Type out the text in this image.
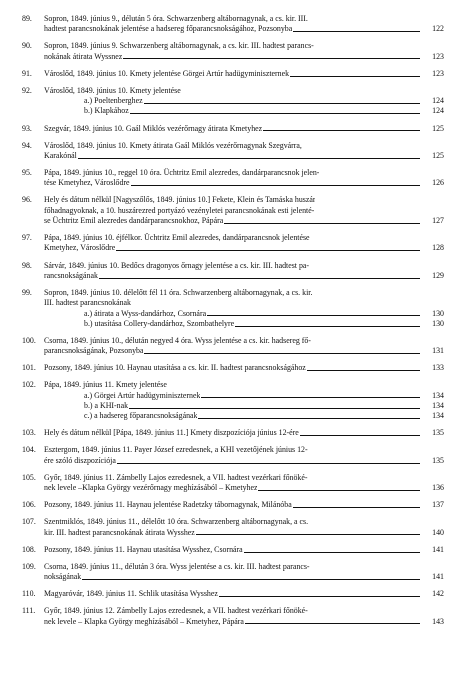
89.	Sopron, 1849. június 9., délután 5 óra. Schwarzenberg altábornagynak, a cs. kir. III.
hadtest parancsnokának jelentése a hadsereg főparancsnokságához, Pozsonyba	122
90.	Sopron, 1849. június 9. Schwarzenberg altábornagynak, a cs. kir. III. hadtest parancs-
nokának átirata Wyssnez	123
91.	Városlőd, 1849. június 10. Kmety jelentése Görgei Artúr hadügyminiszternek	123
92.	Városlőd, 1849. június 10. Kmety jelentése
a.) Poeltenberghez	124
b.) Klapkához	124
93.	Szegvár, 1849. június 10. Gaál Miklós vezérőrnagy átirata Kmetyhez	125
94.	Városlőd, 1849. június 10. Kmety átirata Gaál Miklós vezérőrnagynak Szegvárra,
Karakónál	125
95.	Pápa, 1849. június 10., reggel 10 óra. Üchtritz Emil alezredes, dandárparancsnok jelen-
tése Kmetyhez, Városlődre	126
96.	Hely és dátum nélkül [Nagyszőlős, 1849. június 10.] Fekete, Klein és Tamáska huszár
főhadnagyoknak, a 10. huszárezred portyázó vezényletei parancsnokának esti jelenté-
se Üchtritz Emil alezredes dandárparancsnokhoz, Pápára	127
97.	Pápa, 1849. június 10. éjfélkor. Üchtritz Emil alezredes, dandárparancsnok jelentése
Kmetyhez, Városlődre	128
98.	Sárvár, 1849. június 10. Bedőcs dragonyos őrnagy jelentése a cs. kir. III. hadtest pa-
rancsnokságának	129
99.	Sopron, 1849. június 10. délelőtt fél 11 óra. Schwarzenberg altábornagynak, a cs. kir.
III. hadtest parancsnokának
a.) átirata a Wyss-dandárhoz, Csornára	130
b.) utasítása Collery-dandárhoz, Szombathelyre	130
100.	Csorna, 1849. június 10., délután negyed 4 óra. Wyss jelentése a cs. kir. hadsereg fő-
parancsnokságának, Pozsonyba	131
101.	Pozsony, 1849. június 10. Haynau utasítása a cs. kir. II. hadtest parancsnokságához	133
102.	Pápa, 1849. június 11. Kmety jelentése
a.) Görgei Artúr hadügyminiszternek	134
b.) a KHI-nak	134
c.) a hadsereg főparancsnokságának	134
103.	Hely és dátum nélkül [Pápa, 1849. június 11.] Kmety diszpozíciója június 12-ére	135
104.	Esztergom, 1849. június 11. Payer József ezredesnek, a KHI vezetőjének június 12-
ére szóló diszpozíciója	135
105.	Győr, 1849. június 11. Zámbelly Lajos ezredesnek, a VII. hadtest vezérkari főnöké-
nek levele –Klapka György vezérőrnagy meghízásából – Kmetyhez	136
106.	Pozsony, 1849. június 11. Haynau jelentése Radetzky tábornagynak, Milánóba	137
107.	Szentmiklós, 1849. június 11., délelőtt 10 óra. Schwarzenberg altábornagynak, a cs.
kir. III. hadtest parancsnokának átirata Wysshez	140
108.	Pozsony, 1849. június 11. Haynau utasítása Wysshez, Csornára	141
109.	Csorna, 1849. június 11., délután 3 óra. Wyss jelentése a cs. kir. III. hadtest parancs-
nokságának	141
110.	Magyaróvár, 1849. június 11. Schlik utasítása Wysshez	142
111.	Győr, 1849. június 12. Zámbelly Lajos ezredesnek, a VII. hadtest vezérkari főnöké-
nek levele – Klapka György meghízásából – Kmetyhez, Pápára	143
